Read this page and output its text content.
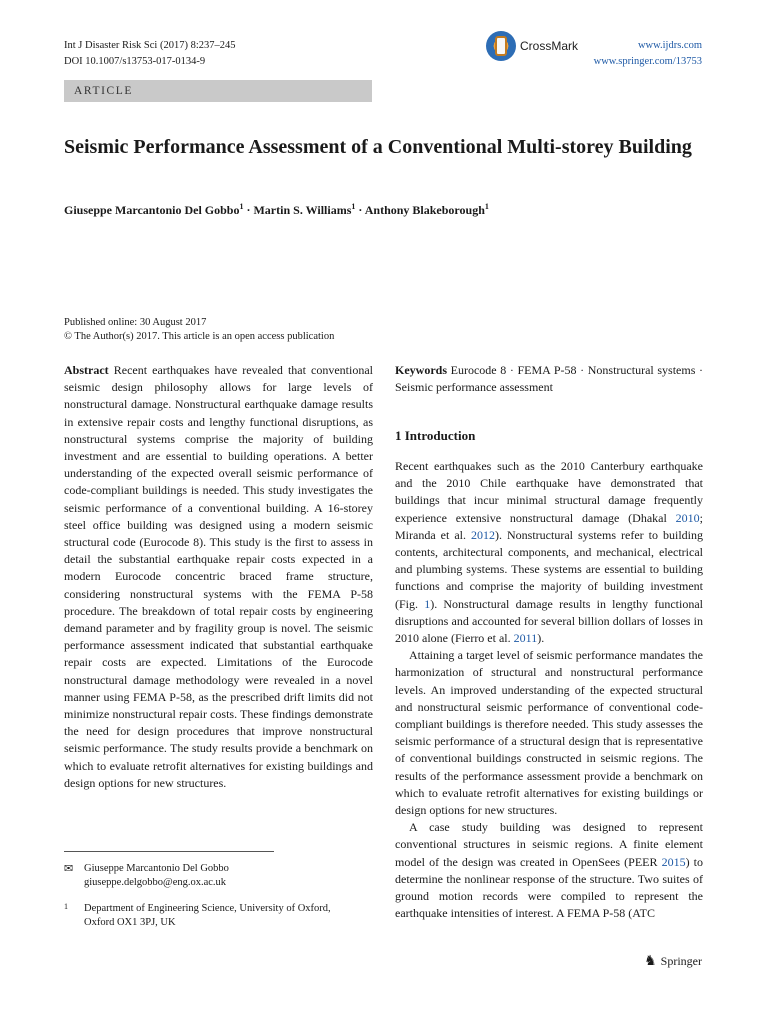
Int J Disaster Risk Sci (2017) 8:237–245
DOI 10.1007/s13753-017-0134-9
CrossMark	www.ijdrs.com
www.springer.com/13753
ARTICLE
Seismic Performance Assessment of a Conventional Multi-storey Building
Giuseppe Marcantonio Del Gobbo$^1$ · Martin S. Williams$^1$ · Anthony Blakeborough$^1$
Published online: 30 August 2017
© The Author(s) 2017. This article is an open access publication
Abstract Recent earthquakes have revealed that conventional seismic design philosophy allows for large levels of nonstructural damage. Nonstructural earthquake damage results in extensive repair costs and lengthy functional disruptions, as nonstructural systems comprise the majority of building investment and are essential to building operations. A better understanding of the expected overall seismic performance of code-compliant buildings is needed. This study investigates the seismic performance of a conventional building. A 16-storey steel office building was designed using a modern seismic structural code (Eurocode 8). This study is the first to assess in detail the substantial earthquake repair costs expected in a modern Eurocode concentric braced frame structure, considering nonstructural systems with the FEMA P-58 procedure. The breakdown of total repair costs by engineering demand parameter and by fragility group is novel. The seismic performance assessment indicated that substantial earthquake repair costs are expected. Limitations of the Eurocode nonstructural damage methodology were revealed in a novel manner using FEMA P-58, as the prescribed drift limits did not minimize nonstructural repair costs. These findings demonstrate the need for design procedures that improve nonstructural seismic performance. The study results provide a benchmark on which to evaluate retrofit alternatives for existing buildings and design options for new structures.
✉ Giuseppe Marcantonio Del Gobbo
giuseppe.delgobbo@eng.ox.ac.uk
$^1$ Department of Engineering Science, University of Oxford,
Oxford OX1 3PJ, UK
Keywords Eurocode 8 · FEMA P-58 · Nonstructural systems · Seismic performance assessment
1 Introduction
Recent earthquakes such as the 2010 Canterbury earthquake and the 2010 Chile earthquake have demonstrated that buildings that incur minimal structural damage frequently experience extensive nonstructural damage (Dhakal 2010; Miranda et al. 2012). Nonstructural systems refer to building contents, architectural components, and mechanical, electrical and plumbing systems. These systems are essential to building functions and comprise the majority of building investment (Fig. 1). Nonstructural damage results in lengthy functional disruptions and accounted for several billion dollars of losses in 2010 alone (Fierro et al. 2011).
Attaining a target level of seismic performance mandates the harmonization of structural and nonstructural performance levels. An improved understanding of the expected structural and nonstructural seismic performance of conventional code-compliant buildings is therefore needed. This study assesses the seismic performance of a structural design that is representative of conventional buildings constructed in seismic regions. The results of the performance assessment provide a benchmark on which to evaluate retrofit alternatives for existing buildings or design options for new structures.
A case study building was designed to represent conventional structures in seismic regions. A finite element model of the design was created in OpenSees (PEER 2015) to determine the nonlinear response of the structure. Two suites of ground motion records were compiled to represent the earthquake intensities of interest. A FEMA P-58 (ATC
♞ Springer
